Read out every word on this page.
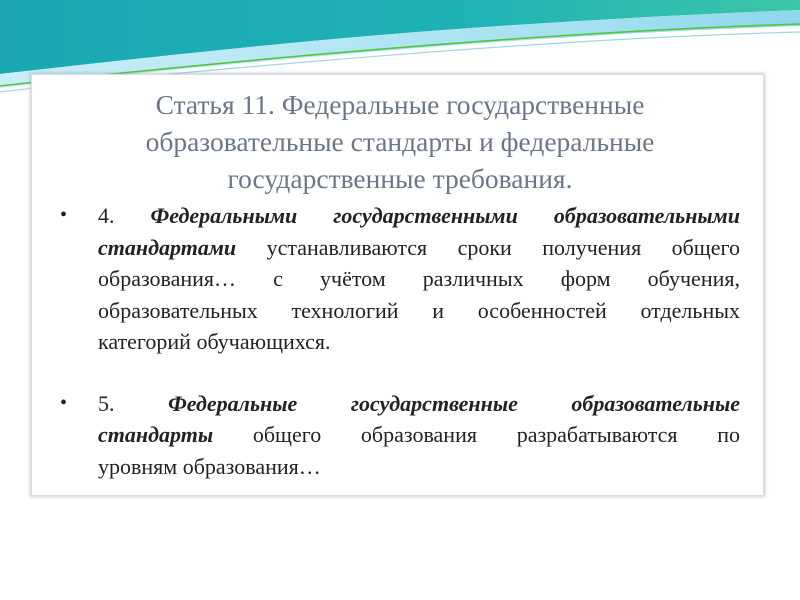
Статья 11. Федеральные государственные
образовательные стандарты и федеральные
государственные требования.
• 4. Федеральными государственными образовательными
стандартами устанавливаются сроки получения общего
образования… с учётом различных форм обучения,
образовательных технологий и особенностей отдельных
категорий обучающихся.
• 5. Федеральные государственные образовательные
стандарты общего образования разрабатываются по
уровням образования…
